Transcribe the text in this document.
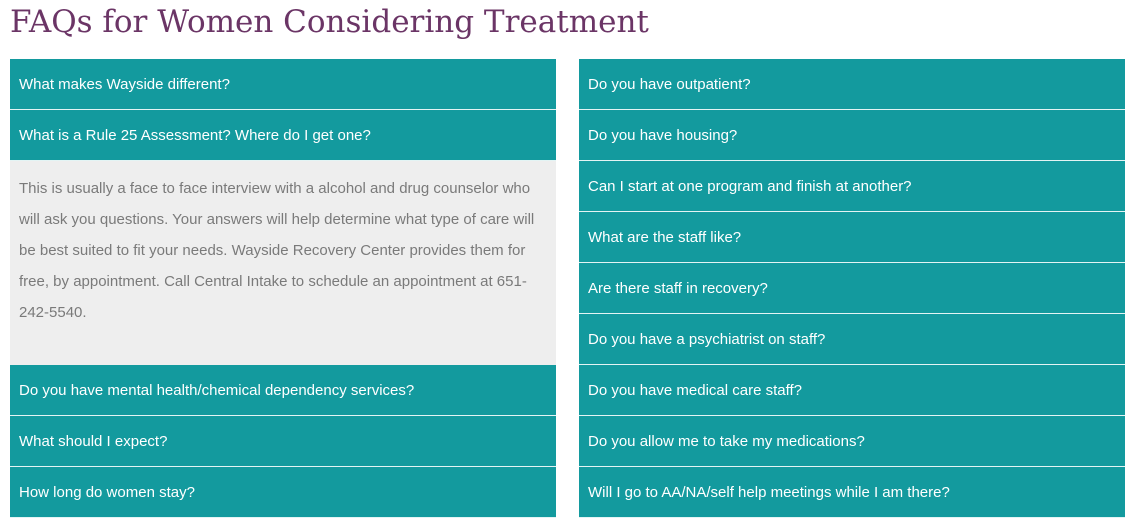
FAQs for Women Considering Treatment
What makes Wayside different?
What is a Rule 25 Assessment? Where do I get one?
This is usually a face to face interview with a alcohol and drug counselor who will ask you questions. Your answers will help determine what type of care will be best suited to fit your needs. Wayside Recovery Center provides them for free, by appointment. Call Central Intake to schedule an appointment at 651-242-5540.
Do you have mental health/chemical dependency services?
What should I expect?
How long do women stay?
Do you have outpatient?
Do you have housing?
Can I start at one program and finish at another?
What are the staff like?
Are there staff in recovery?
Do you have a psychiatrist on staff?
Do you have medical care staff?
Do you allow me to take my medications?
Will I go to AA/NA/self help meetings while I am there?
